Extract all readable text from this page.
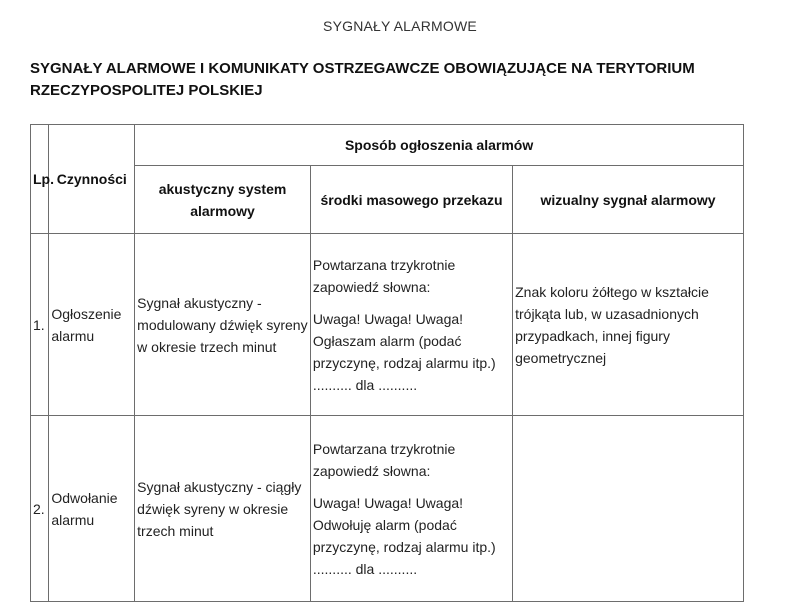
SYGNAŁY ALARMOWE
SYGNAŁY ALARMOWE I KOMUNIKATY OSTRZEGAWCZE OBOWIĄZUJĄCE NA TERYTORIUM RZECZYPOSPOLITEJ POLSKIEJ
Lp.	Czynności	Sposób ogłoszenia alarmów		
		akustyczny system alarmowy	środki masowego przekazu	wizualny sygnał alarmowy
1.	Ogłoszenie alarmu	Sygnał akustyczny - modulowany dźwięk syreny w okresie trzech minut	Powtarzana trzykrotnie zapowiedź słowna:
Uwaga! Uwaga! Uwaga! Ogłaszam alarm (podać przyczynę, rodzaj alarmu itp.) .......... dla ..........	Znak koloru żółtego w kształcie trójkąta lub, w uzasadnionych przypadkach, innej figury geometrycznej
2.	Odwołanie alarmu	Sygnał akustyczny - ciągły dźwięk syreny w okresie trzech minut	Powtarzana trzykrotnie zapowiedź słowna:
Uwaga! Uwaga! Uwaga! Odwołuję alarm (podać przyczynę, rodzaj alarmu itp.) .......... dla ..........	
